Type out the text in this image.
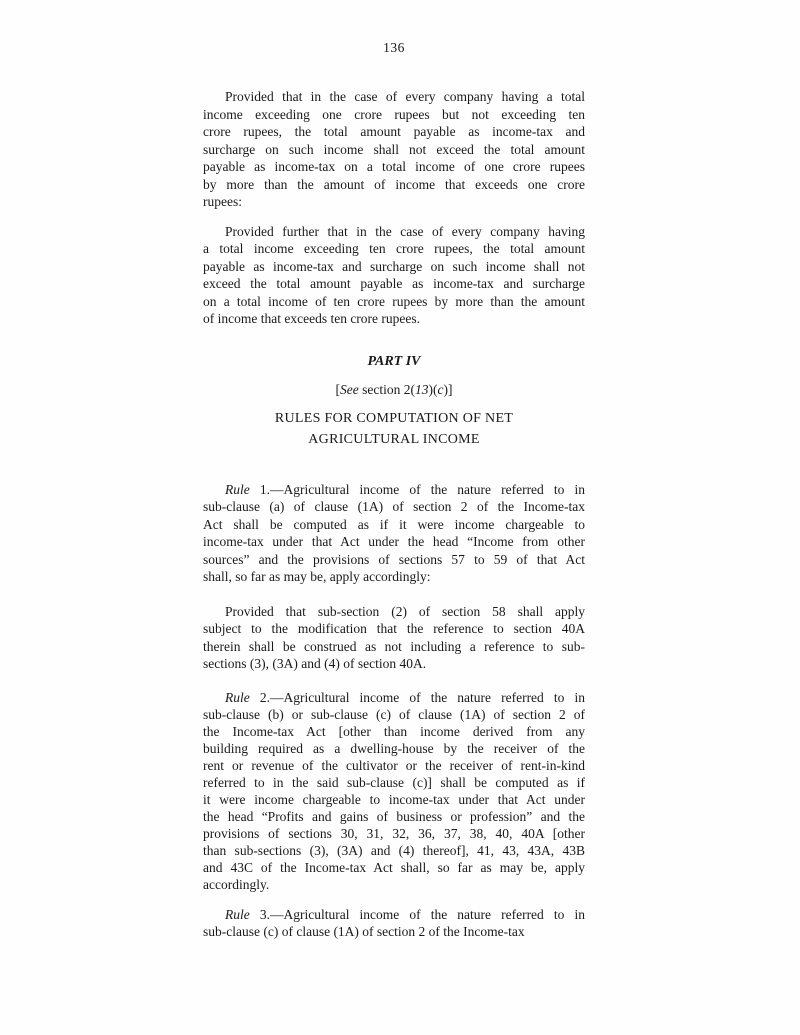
136
Provided that in the case of every company having a total
income exceeding one crore rupees but not exceeding ten
crore rupees, the total amount payable as income-tax and
surcharge on such income shall not exceed the total amount
payable as income-tax on a total income of one crore rupees
by more than the amount of income that exceeds one crore
rupees:
Provided further that in the case of every company having
a total income exceeding ten crore rupees, the total amount
payable as income-tax and surcharge on such income shall not
exceed the total amount payable as income-tax and surcharge
on a total income of ten crore rupees by more than the amount
of income that exceeds ten crore rupees.
PART IV
[See section 2(13)(c)]
RULES FOR COMPUTATION OF NET
AGRICULTURAL INCOME
Rule 1.—Agricultural income of the nature referred to in
sub-clause (a) of clause (1A) of section 2 of the Income-tax
Act shall be computed as if it were income chargeable to
income-tax under that Act under the head “Income from other
sources” and the provisions of sections 57 to 59 of that Act
shall, so far as may be, apply accordingly:
Provided that sub-section (2) of section 58 shall apply
subject to the modification that the reference to section 40A
therein shall be construed as not including a reference to sub-
sections (3), (3A) and (4) of section 40A.
Rule 2.—Agricultural income of the nature referred to in
sub-clause (b) or sub-clause (c) of clause (1A) of section 2 of
the Income-tax Act [other than income derived from any
building required as a dwelling-house by the receiver of the
rent or revenue of the cultivator or the receiver of rent-in-kind
referred to in the said sub-clause (c)] shall be computed as if
it were income chargeable to income-tax under that Act under
the head “Profits and gains of business or profession” and the
provisions of sections 30, 31, 32, 36, 37, 38, 40, 40A [other
than sub-sections (3), (3A) and (4) thereof], 41, 43, 43A, 43B
and 43C of the Income-tax Act shall, so far as may be, apply
accordingly.
Rule 3.—Agricultural income of the nature referred to in
sub-clause (c) of clause (1A) of section 2 of the Income-tax
